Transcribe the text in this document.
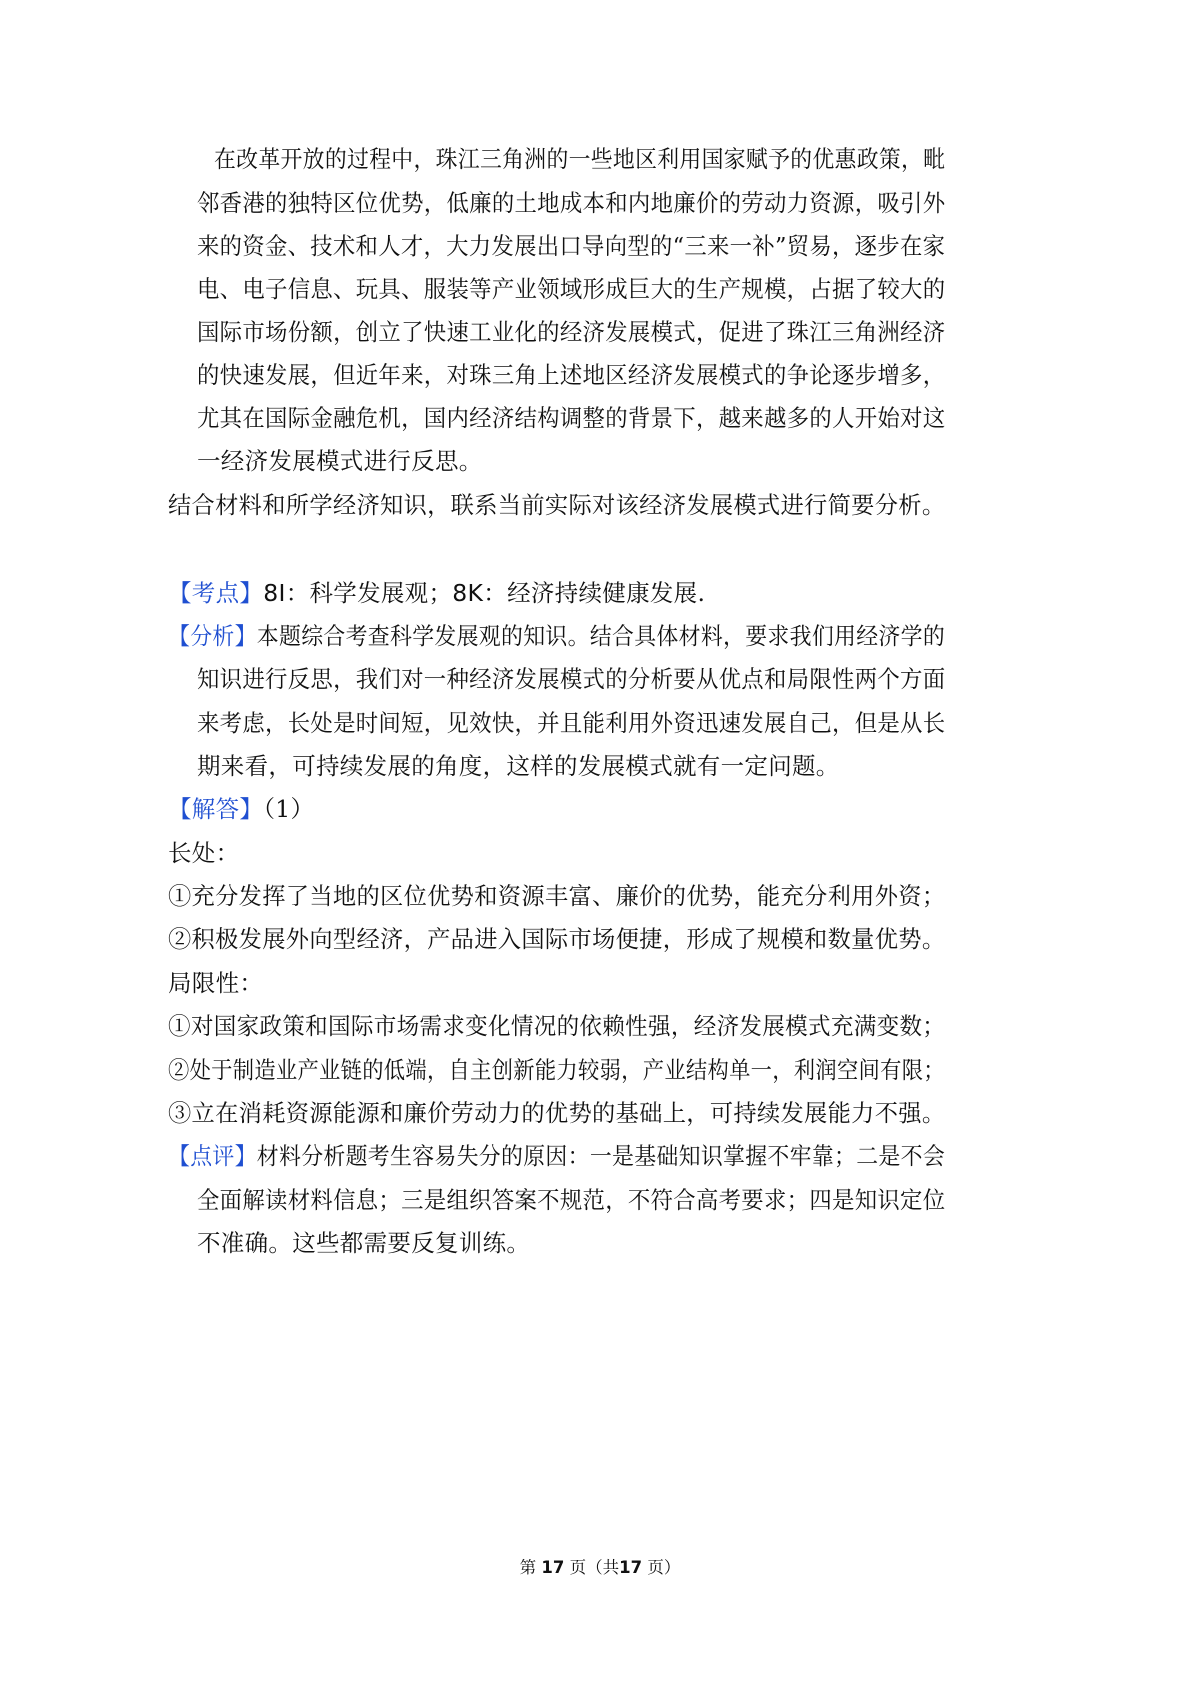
在改革开放的过程中，珠江三角洲的一些地区利用国家赋予的优惠政策，毗
邻香港的独特区位优势，低廉的土地成本和内地廉价的劳动力资源，吸引外
来的资金、技术和人才，大力发展出口导向型的“三来一补”贸易，逐步在家
电、电子信息、玩具、服装等产业领域形成巨大的生产规模，占据了较大的
国际市场份额，创立了快速工业化的经济发展模式，促进了珠江三角洲经济
的快速发展，但近年来，对珠三角上述地区经济发展模式的争论逐步增多，
尤其在国际金融危机，国内经济结构调整的背景下，越来越多的人开始对这
一经济发展模式进行反思。
结合材料和所学经济知识，联系当前实际对该经济发展模式进行简要分析。
【考点】8I：科学发展观；8K：经济持续健康发展.
【分析】本题综合考查科学发展观的知识。结合具体材料，要求我们用经济学的
知识进行反思，我们对一种经济发展模式的分析要从优点和局限性两个方面
来考虑，长处是时间短，见效快，并且能利用外资迅速发展自己，但是从长
期来看，可持续发展的角度，这样的发展模式就有一定问题。
【解答】（1）
长处：
①充分发挥了当地的区位优势和资源丰富、廉价的优势，能充分利用外资；
②积极发展外向型经济，产品进入国际市场便捷，形成了规模和数量优势。
局限性：
①对国家政策和国际市场需求变化情况的依赖性强，经济发展模式充满变数；
②处于制造业产业链的低端，自主创新能力较弱，产业结构单一，利润空间有限；
③立在消耗资源能源和廉价劳动力的优势的基础上，可持续发展能力不强。
【点评】材料分析题考生容易失分的原因：一是基础知识掌握不牢靠；二是不会
全面解读材料信息；三是组织答案不规范，不符合高考要求；四是知识定位
不准确。这些都需要反复训练。
第 17 页（共17 页）
